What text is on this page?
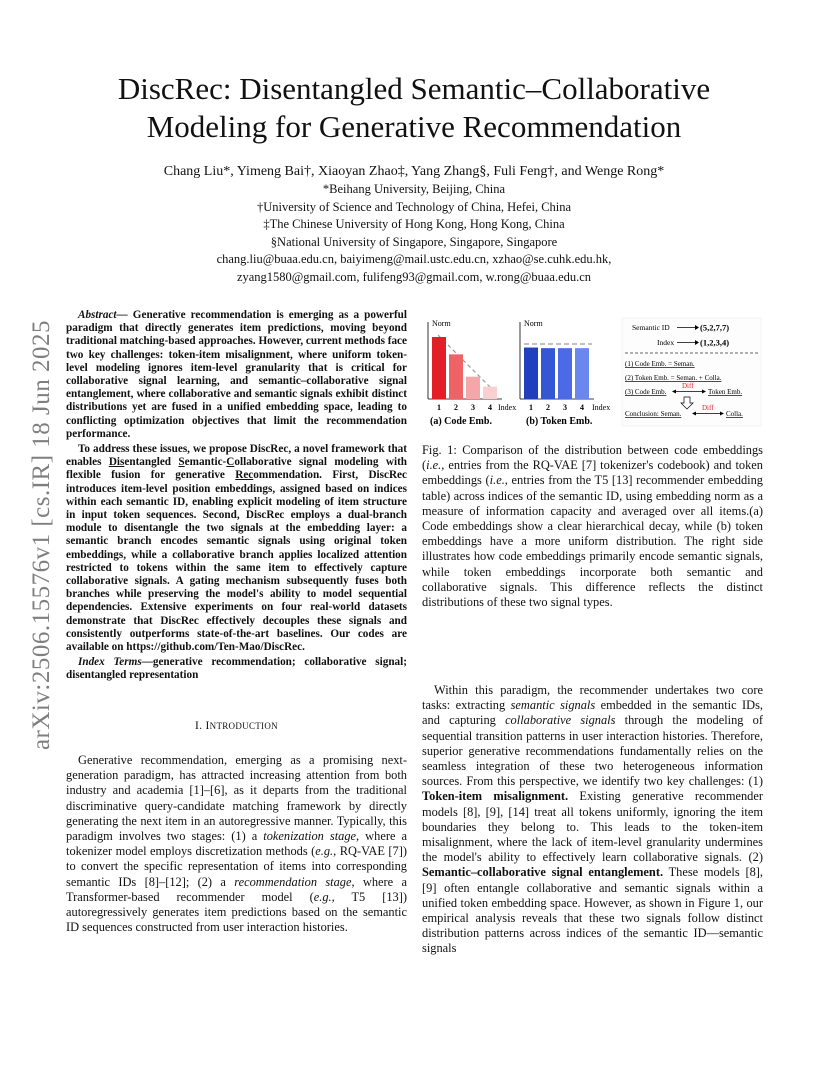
arXiv:2506.15576v1 [cs.IR] 18 Jun 2025
DiscRec: Disentangled Semantic–Collaborative
Modeling for Generative Recommendation
Chang Liu*, Yimeng Bai†, Xiaoyan Zhao‡, Yang Zhang§, Fuli Feng†, and Wenge Rong*
*Beihang University, Beijing, China
†University of Science and Technology of China, Hefei, China
‡The Chinese University of Hong Kong, Hong Kong, China
§National University of Singapore, Singapore, Singapore
chang.liu@buaa.edu.cn, baiyimeng@mail.ustc.edu.cn, xzhao@se.cuhk.edu.hk,
zyang1580@gmail.com, fulifeng93@gmail.com, w.rong@buaa.edu.cn

Abstract— Generative recommendation is emerging as a powerful paradigm that directly generates item predictions, moving beyond traditional matching-based approaches. However, current methods face two key challenges: token-item misalignment, where uniform token-level modeling ignores item-level granularity that is critical for collaborative signal learning, and semantic–collaborative signal entanglement, where collaborative and semantic signals exhibit distinct distributions yet are fused in a unified embedding space, leading to conflicting optimization objectives that limit the recommendation performance.

To address these issues, we propose DiscRec, a novel framework that enables Disentangled Semantic-Collaborative signal modeling with flexible fusion for generative Recommendation. First, DiscRec introduces item-level position embeddings, assigned based on indices within each semantic ID, enabling explicit modeling of item structure in input token sequences. Second, DiscRec employs a dual-branch module to disentangle the two signals at the embedding layer: a semantic branch encodes semantic signals using original token embeddings, while a collaborative branch applies localized attention restricted to tokens within the same item to effectively capture collaborative signals. A gating mechanism subsequently fuses both branches while preserving the model's ability to model sequential dependencies. Extensive experiments on four real-world datasets demonstrate that DiscRec effectively decouples these signals and consistently outperforms state-of-the-art baselines. Our codes are available on https://github.com/Ten-Mao/DiscRec.

Index Terms—generative recommendation; collaborative signal; disentangled representation

I. INTRODUCTION

Generative recommendation, emerging as a promising next-generation paradigm, has attracted increasing attention from both industry and academia [1]–[6], as it departs from the traditional discriminative query-candidate matching framework by directly generating the next item in an autoregressive manner. Typically, this paradigm involves two stages: (1) a tokenization stage, where a tokenizer model employs discretization methods (e.g., RQ-VAE [7]) to convert the specific representation of items into corresponding semantic IDs [8]–[12]; (2) a recommendation stage, where a Transformer-based recommender model (e.g., T5 [13]) autoregressively generates item predictions based on the semantic ID sequences constructed from user interaction histories.

Norm
1 2 3 4 Index
(a) Code Emb.
Norm
1 2 3 4 Index
(b) Token Emb.
Semantic ID	(5,2,7,7)
Index	(1,2,3,4)
(1) Code Emb. = Seman.
(2) Token Emb. = Seman. + Colla.
(3) Code Emb.
Diff
Token Emb.
Conclusion: Seman.
Diff
Colla.
Fig. 1: Comparison of the distribution between code embeddings (i.e., entries from the RQ-VAE [7] tokenizer's codebook) and token embeddings (i.e., entries from the T5 [13] recommender embedding table) across indices of the semantic ID, using embedding norm as a measure of information capacity and averaged over all items.(a) Code embeddings show a clear hierarchical decay, while (b) token embeddings have a more uniform distribution. The right side illustrates how code embeddings primarily encode semantic signals, while token embeddings incorporate both semantic and collaborative signals. This difference reflects the distinct distributions of these two signal types.

Within this paradigm, the recommender undertakes two core tasks: extracting semantic signals embedded in the semantic IDs, and capturing collaborative signals through the modeling of sequential transition patterns in user interaction histories. Therefore, superior generative recommendations fundamentally relies on the seamless integration of these two heterogeneous information sources. From this perspective, we identify two key challenges: (1) Token-item misalignment. Existing generative recommender models [8], [9], [14] treat all tokens uniformly, ignoring the item boundaries they belong to. This leads to the token-item misalignment, where the lack of item-level granularity undermines the model's ability to effectively learn collaborative signals. (2) Semantic–collaborative signal entanglement. These models [8], [9] often entangle collaborative and semantic signals within a unified token embedding space. However, as shown in Figure 1, our empirical analysis reveals that these two signals follow distinct distribution patterns across indices of the semantic ID—semantic signals
